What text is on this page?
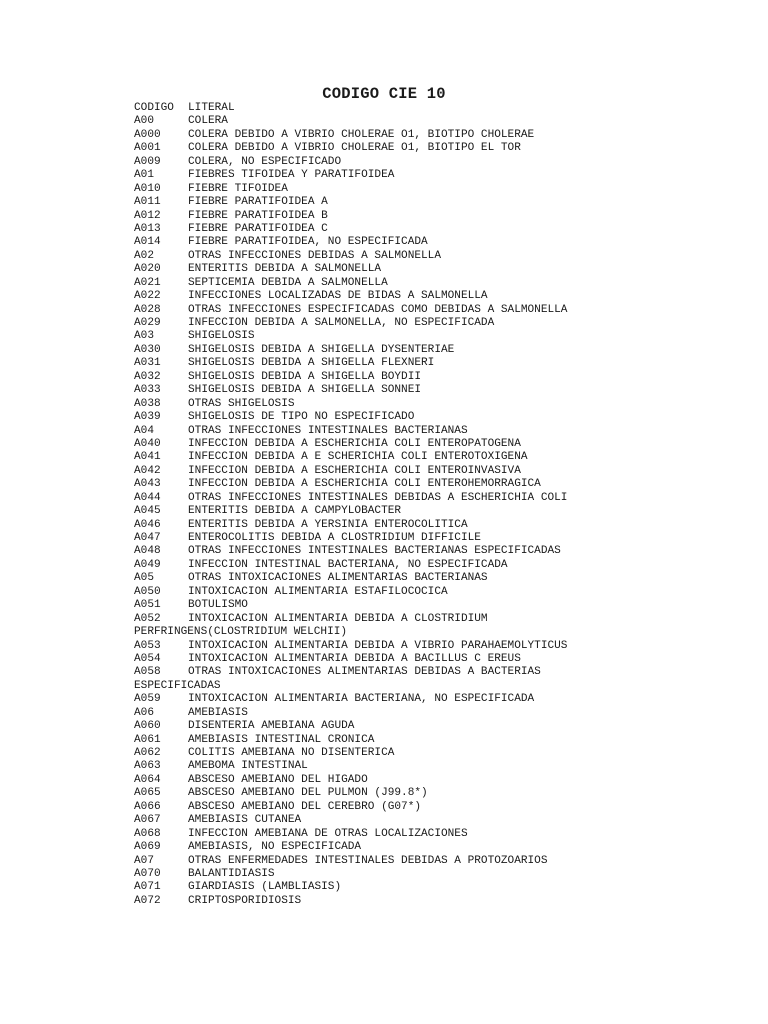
CODIGO CIE 10
CODIGO LITERAL
A00	COLERA
A000 COLERA DEBIDO A VIBRIO CHOLERAE O1, BIOTIPO CHOLERAE
A001 COLERA DEBIDO A VIBRIO CHOLERAE O1, BIOTIPO EL TOR
A009 COLERA, NO ESPECIFICADO
A01	FIEBRES TIFOIDEA Y PARATIFOIDEA
A010 FIEBRE TIFOIDEA
A011 FIEBRE PARATIFOIDEA A
A012 FIEBRE PARATIFOIDEA B
A013 FIEBRE PARATIFOIDEA C
A014 FIEBRE PARATIFOIDEA, NO ESPECIFICADA
A02	OTRAS INFECCIONES DEBIDAS A SALMONELLA
A020 ENTERITIS DEBIDA A SALMONELLA
A021 SEPTICEMIA DEBIDA A SALMONELLA
A022 INFECCIONES LOCALIZADAS DE BIDAS A SALMONELLA
A028 OTRAS INFECCIONES ESPECIFICADAS COMO DEBIDAS A SALMONELLA
A029 INFECCION DEBIDA A SALMONELLA, NO ESPECIFICADA
A03	SHIGELOSIS
A030 SHIGELOSIS DEBIDA A SHIGELLA DYSENTERIAE
A031 SHIGELOSIS DEBIDA A SHIGELLA FLEXNERI
A032 SHIGELOSIS DEBIDA A SHIGELLA BOYDII
A033 SHIGELOSIS DEBIDA A SHIGELLA SONNEI
A038 OTRAS SHIGELOSIS
A039 SHIGELOSIS DE TIPO NO ESPECIFICADO
A04	OTRAS INFECCIONES INTESTINALES BACTERIANAS
A040 INFECCION DEBIDA A ESCHERICHIA COLI ENTEROPATOGENA
A041 INFECCION DEBIDA A E SCHERICHIA COLI ENTEROTOXIGENA
A042 INFECCION DEBIDA A ESCHERICHIA COLI ENTEROINVASIVA
A043 INFECCION DEBIDA A ESCHERICHIA COLI ENTEROHEMORRAGICA
A044 OTRAS INFECCIONES INTESTINALES DEBIDAS A ESCHERICHIA COLI
A045 ENTERITIS DEBIDA A CAMPYLOBACTER
A046 ENTERITIS DEBIDA A YERSINIA ENTEROCOLITICA
A047 ENTEROCOLITIS DEBIDA A CLOSTRIDIUM DIFFICILE
A048 OTRAS INFECCIONES INTESTINALES BACTERIANAS ESPECIFICADAS
A049 INFECCION INTESTINAL BACTERIANA, NO ESPECIFICADA
A05	OTRAS INTOXICACIONES ALIMENTARIAS BACTERIANAS
A050 INTOXICACION ALIMENTARIA ESTAFILOCOCICA
A051 BOTULISMO
A052 INTOXICACION ALIMENTARIA DEBIDA A CLOSTRIDIUM
PERFRINGENS(CLOSTRIDIUM WELCHII)
A053 INTOXICACION ALIMENTARIA DEBIDA A VIBRIO PARAHAEMOLYTICUS
A054 INTOXICACION ALIMENTARIA DEBIDA A BACILLUS C EREUS
A058 OTRAS INTOXICACIONES ALIMENTARIAS DEBIDAS A BACTERIAS
ESPECIFICADAS
A059 INTOXICACION ALIMENTARIA BACTERIANA, NO ESPECIFICADA
A06	AMEBIASIS
A060 DISENTERIA AMEBIANA AGUDA
A061 AMEBIASIS INTESTINAL CRONICA
A062 COLITIS AMEBIANA NO DISENTERICA
A063 AMEBOMA INTESTINAL
A064 ABSCESO AMEBIANO DEL HIGADO
A065 ABSCESO AMEBIANO DEL PULMON (J99.8*)
A066 ABSCESO AMEBIANO DEL CEREBRO (G07*)
A067 AMEBIASIS CUTANEA
A068 INFECCION AMEBIANA DE OTRAS LOCALIZACIONES
A069 AMEBIASIS, NO ESPECIFICADA
A07	OTRAS ENFERMEDADES INTESTINALES DEBIDAS A PROTOZOARIOS
A070 BALANTIDIASIS
A071 GIARDIASIS (LAMBLIASIS)
A072 CRIPTOSPORIDIOSIS
